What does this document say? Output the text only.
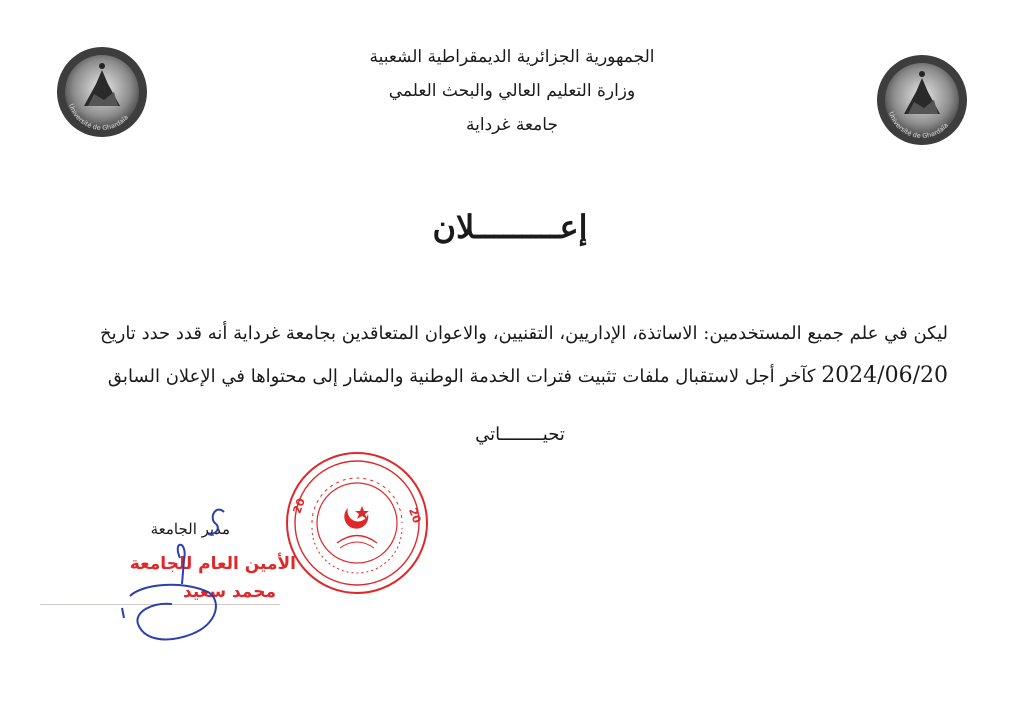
Université de Ghardaïa	Université de Ghardaïa
الجمهورية الجزائرية الديمقراطية الشعبية
وزارة التعليم العالي والبحث العلمي
جامعة غرداية
إعـــــــــلان

ليكن في علم جميع المستخدمين: الاساتذة، الإداريين، التقنيين، والاعوان المتعاقدين بجامعة غرداية أنه قدد حدد تاريخ

2024/06/20 كآخر أجل لاستقبال ملفات تثبيت فترات الخدمة الوطنية والمشار إلى محتواها في الإعلان السابق

تحيــــــــاتي
20
20
مدير الجامعة
الأمين العام للجامعة
محمد سعيد
